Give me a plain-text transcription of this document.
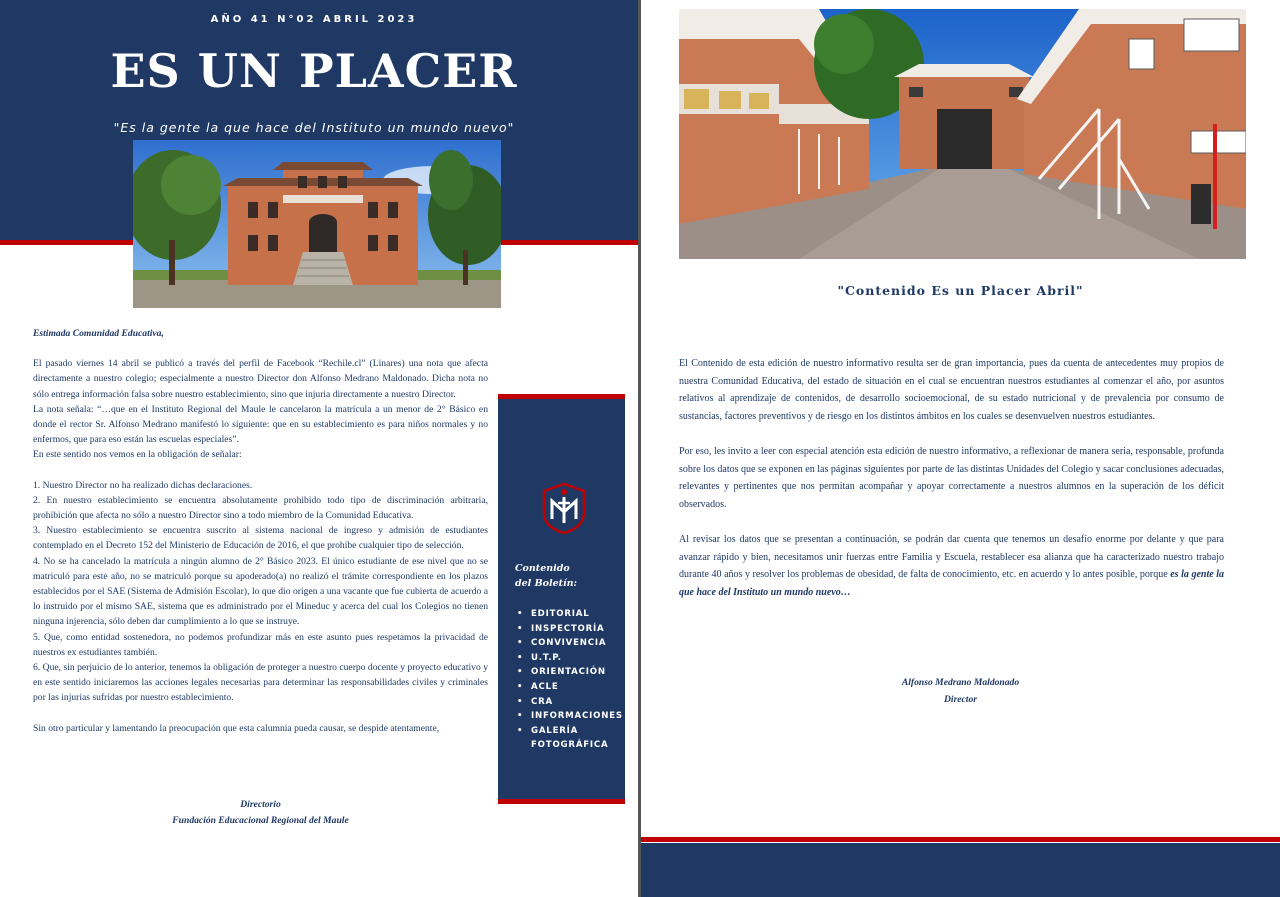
AÑO 41 N°02 ABRIL 2023
ES UN PLACER
"Es la gente la que hace del Instituto un mundo nuevo"

Estimada Comunidad Educativa,

El pasado viernes 14 abril se publicó a través del perfil de Facebook “Rechile.cl” (Linares) una nota que afecta directamente a nuestro colegio; especialmente a nuestro Director don Alfonso Medrano Maldonado. Dicha nota no sólo entrega información falsa sobre nuestro establecimiento, sino que injuria directamente a nuestro Director.

La nota señala: “…que en el Instituto Regional del Maule le cancelaron la matrícula a un menor de 2° Básico en donde el rector Sr. Alfonso Medrano manifestó lo siguiente: que en su establecimiento es para niños normales y no enfermos, que para eso están las escuelas especiales”.

En este sentido nos vemos en la obligación de señalar:

1. Nuestro Director no ha realizado dichas declaraciones.
2. En nuestro establecimiento se encuentra absolutamente prohibido todo tipo de discriminación arbitraria, prohibición que afecta no sólo a nuestro Director sino a todo miembro de la Comunidad Educativa.
3. Nuestro establecimiento se encuentra suscrito al sistema nacional de ingreso y admisión de estudiantes contemplado en el Decreto 152 del Ministerio de Educación de 2016, el que prohíbe cualquier tipo de selección.
4. No se ha cancelado la matrícula a ningún alumno de 2° Básico 2023. El único estudiante de ese nivel que no se matriculó para este año, no se matriculó porque su apoderado(a) no realizó el trámite correspondiente en los plazos establecidos por el SAE (Sistema de Admisión Escolar), lo que dio origen a una vacante que fue cubierta de acuerdo a lo instruido por el mismo SAE, sistema que es administrado por el Mineduc y acerca del cual los Colegios no tienen ninguna injerencia, sólo deben dar cumplimiento a lo que se instruye.
5. Que, como entidad sostenedora, no podemos profundizar más en este asunto pues respetamos la privacidad de nuestros ex estudiantes también.
6. Que, sin perjuicio de lo anterior, tenemos la obligación de proteger a nuestro cuerpo docente y proyecto educativo y en este sentido iniciaremos las acciones legales necesarias para determinar las responsabilidades civiles y criminales por las injurias sufridas por nuestro establecimiento.

Sin otro particular y lamentando la preocupación que esta calumnia pueda causar, se despide atentamente,

Directorio
Fundación Educacional Regional del Maule
Contenido
del Boletín:
• EDITORIAL
• INSPECTORÍA
• CONVIVENCIA
• U.T.P.
• ORIENTACIÓN
• ACLE
• CRA
• INFORMACIONES
• GALERÍA FOTOGRÁFICA
"Contenido Es un Placer Abril"

El Contenido de esta edición de nuestro informativo resulta ser de gran importancia, pues da cuenta de antecedentes muy propios de nuestra Comunidad Educativa, del estado de situación en el cual se encuentran nuestros estudiantes al comenzar el año, por asuntos relativos al aprendizaje de contenidos, de desarrollo socioemocional, de su estado nutricional y de prevalencia por consumo de sustancias, factores preventivos y de riesgo en los distintos ámbitos en los cuales se desenvuelven nuestros estudiantes.

Por eso, les invito a leer con especial atención esta edición de nuestro informativo, a reflexionar de manera seria, responsable, profunda sobre los datos que se exponen en las páginas siguientes por parte de las distintas Unidades del Colegio y sacar conclusiones adecuadas, relevantes y pertinentes que nos permitan acompañar y apoyar correctamente a nuestros alumnos en la superación de los déficit observados.

Al revisar los datos que se presentan a continuación, se podrán dar cuenta que tenemos un desafío enorme por delante y que para avanzar rápido y bien, necesitamos unir fuerzas entre Familia y Escuela, restablecer esa alianza que ha caracterizado nuestro trabajo durante 40 años y resolver los problemas de obesidad, de falta de conocimiento, etc. en acuerdo y lo antes posible, porque es la gente la que hace del Instituto un mundo nuevo…

Alfonso Medrano Maldonado
Director
